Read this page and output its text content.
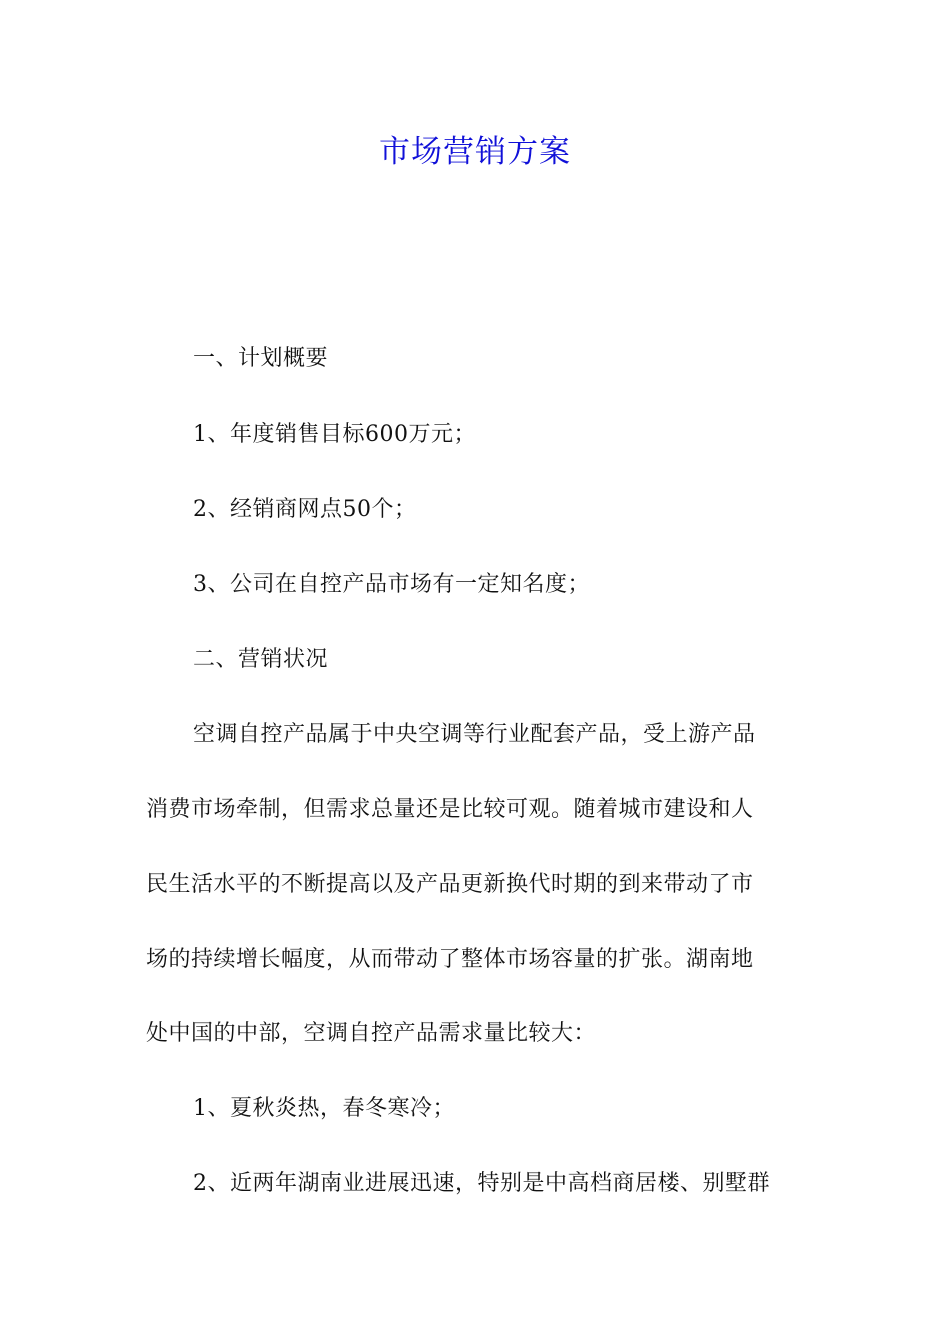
市场营销方案
一、计划概要
1、年度销售目标600万元；
2、经销商网点50个；
3、公司在自控产品市场有一定知名度；
二、营销状况
空调自控产品属于中央空调等行业配套产品，受上游产品
消费市场牵制，但需求总量还是比较可观。随着城市建设和人
民生活水平的不断提高以及产品更新换代时期的到来带动了市
场的持续增长幅度，从而带动了整体市场容量的扩张。湖南地
处中国的中部，空调自控产品需求量比较大：
1、夏秋炎热，春冬寒冷；
2、近两年湖南业进展迅速，特别是中高档商居楼、别墅群
